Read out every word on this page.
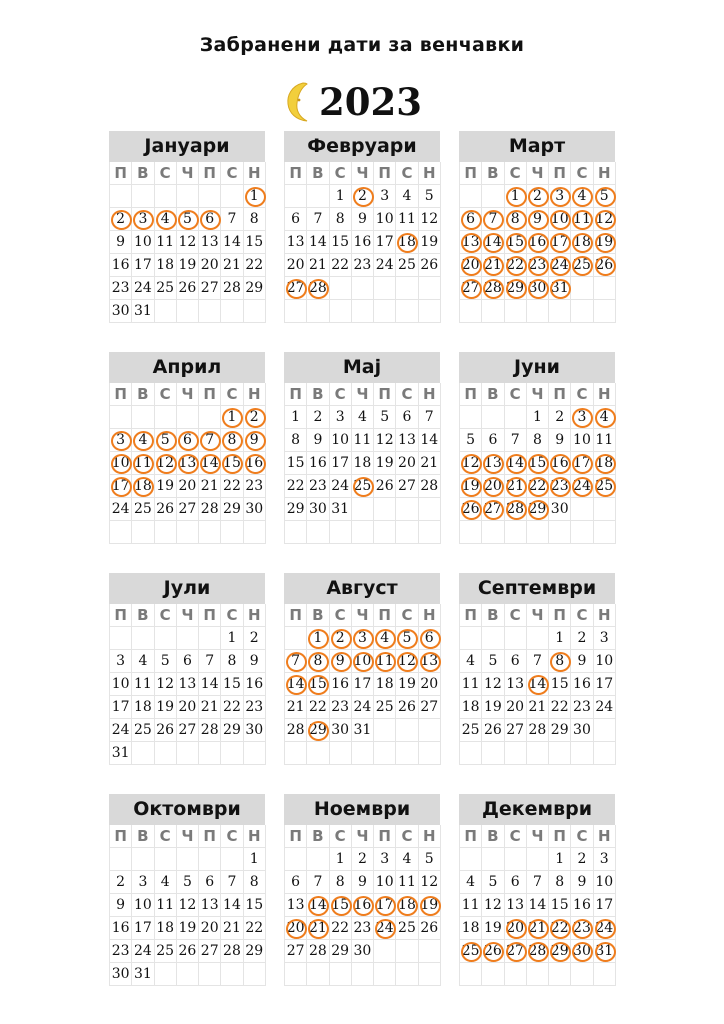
Забранени дати за венчавки
2023
Јануари
П В С Ч П С Н
1
2 3 4 5 6 7 8
9 10 11 12 13 14 15
16 17 18 19 20 21 22
23 24 25 26 27 28 29
30 31
Февруари
П В С Ч П С Н
1 2 3 4 5
6 7 8 9 10 11 12
13 14 15 16 17 18 19
20 21 22 23 24 25 26
27 28
Март
П В С Ч П С Н
1 2 3 4 5
6 7 8 9 10 11 12
13 14 15 16 17 18 19
20 21 22 23 24 25 26
27 28 29 30 31
Април
П В С Ч П С Н
1 2
3 4 5 6 7 8 9
10 11 12 13 14 15 16
17 18 19 20 21 22 23
24 25 26 27 28 29 30
Мај
П В С Ч П С Н
1 2 3 4 5 6 7
8 9 10 11 12 13 14
15 16 17 18 19 20 21
22 23 24 25 26 27 28
29 30 31
Јуни
П В С Ч П С Н
1 2 3 4
5 6 7 8 9 10 11
12 13 14 15 16 17 18
19 20 21 22 23 24 25
26 27 28 29 30
Јули
П В С Ч П С Н
1 2
3 4 5 6 7 8 9
10 11 12 13 14 15 16
17 18 19 20 21 22 23
24 25 26 27 28 29 30
31
Август
П В С Ч П С Н
1 2 3 4 5 6
7 8 9 10 11 12 13
14 15 16 17 18 19 20
21 22 23 24 25 26 27
28 29 30 31
Септември
П В С Ч П С Н
1 2 3
4 5 6 7 8 9 10
11 12 13 14 15 16 17
18 19 20 21 22 23 24
25 26 27 28 29 30
Октомври
П В С Ч П С Н
1
2 3 4 5 6 7 8
9 10 11 12 13 14 15
16 17 18 19 20 21 22
23 24 25 26 27 28 29
30 31
Ноември
П В С Ч П С Н
1 2 3 4 5
6 7 8 9 10 11 12
13 14 15 16 17 18 19
20 21 22 23 24 25 26
27 28 29 30
Декември
П В С Ч П С Н
1 2 3
4 5 6 7 8 9 10
11 12 13 14 15 16 17
18 19 20 21 22 23 24
25 26 27 28 29 30 31
